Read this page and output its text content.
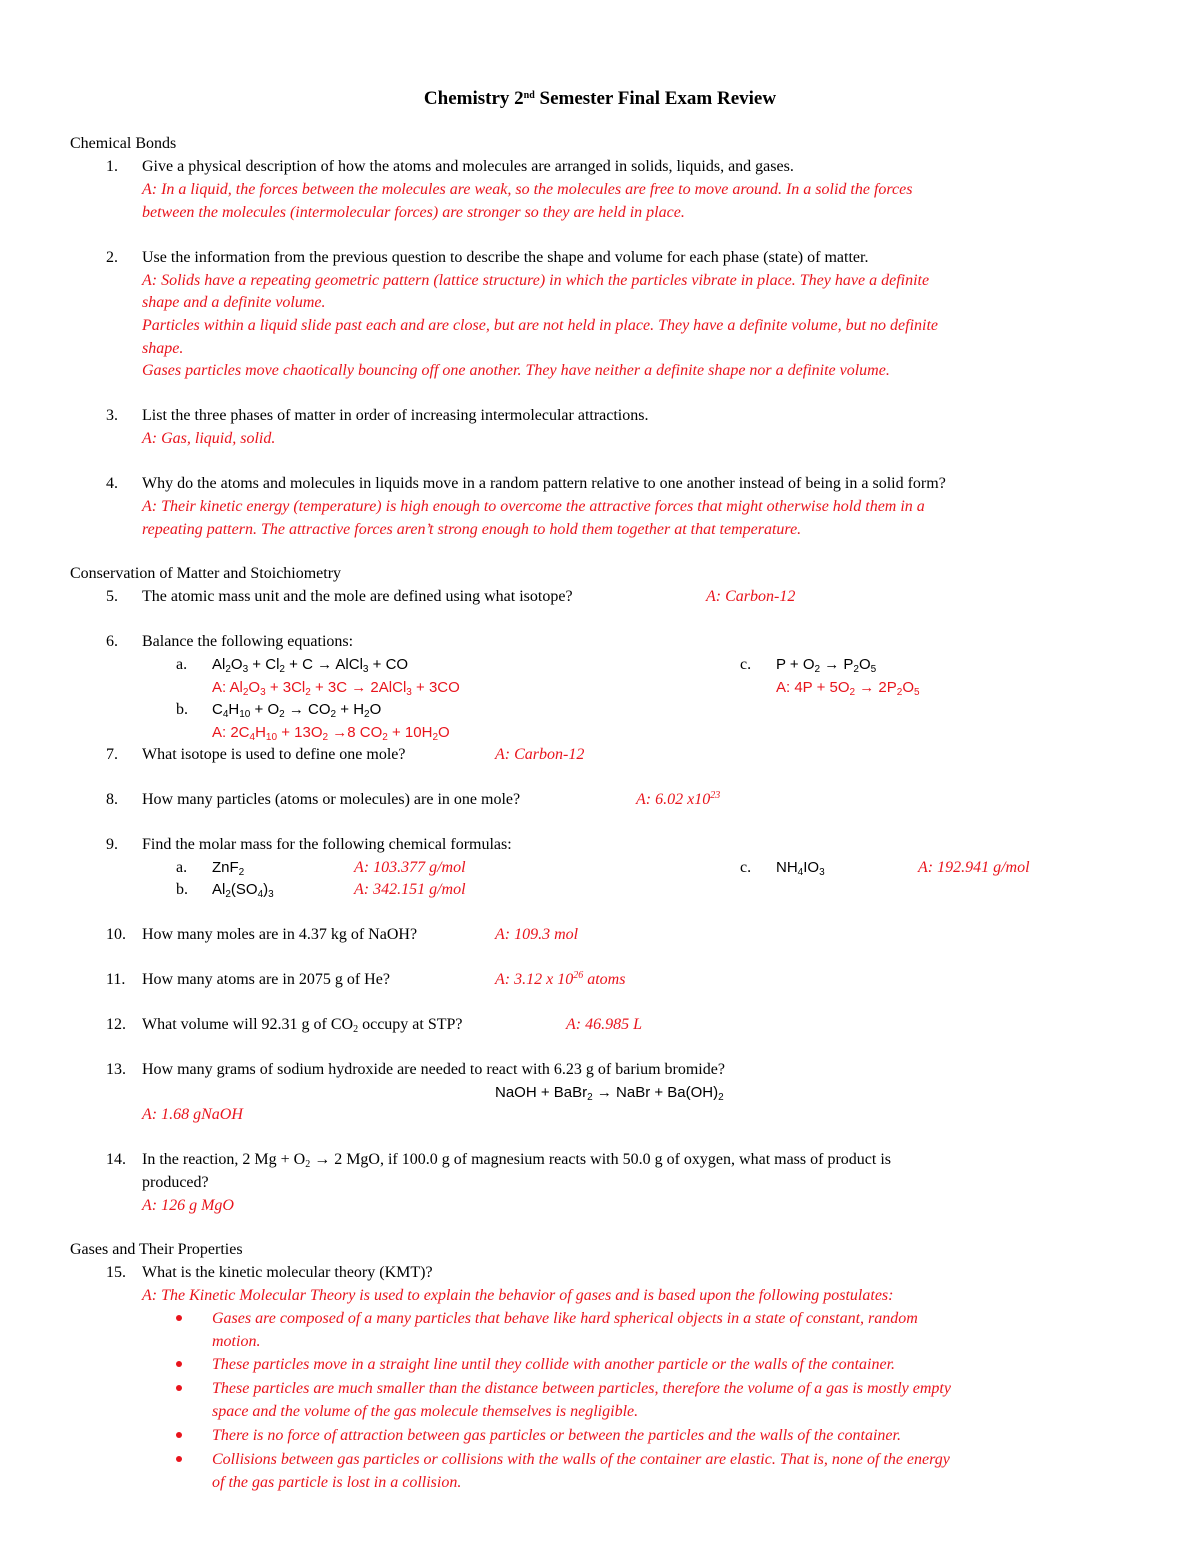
Chemistry 2nd Semester Final Exam Review
Chemical Bonds
1. Give a physical description of how the atoms and molecules are arranged in solids, liquids, and gases.
A: In a liquid, the forces between the molecules are weak, so the molecules are free to move around. In a solid the forces
between the molecules (intermolecular forces) are stronger so they are held in place.
2. Use the information from the previous question to describe the shape and volume for each phase (state) of matter.
A: Solids have a repeating geometric pattern (lattice structure) in which the particles vibrate in place. They have a definite
shape and a definite volume.
Particles within a liquid slide past each and are close, but are not held in place. They have a definite volume, but no definite
shape.
Gases particles move chaotically bouncing off one another. They have neither a definite shape nor a definite volume.
3. List the three phases of matter in order of increasing intermolecular attractions.
A: Gas, liquid, solid.
4. Why do the atoms and molecules in liquids move in a random pattern relative to one another instead of being in a solid form?
A: Their kinetic energy (temperature) is high enough to overcome the attractive forces that might otherwise hold them in a
repeating pattern. The attractive forces aren’t strong enough to hold them together at that temperature.
Conservation of Matter and Stoichiometry
5. The atomic mass unit and the mole are defined using what isotope?	A: Carbon-12
6. Balance the following equations:
a. $Al_2O_3 + Cl_2 + C$ → AlCl$_3$ + CO
A: $Al_2O_3 + 3Cl_2 + 3C$ → 2AlCl$_3$ + 3CO
c. $P + O_2 \to P_2O_5$
A: $4P + 5O_2 \to 2P_2O_5$
b. $C_4H_{10} + O_2 \to CO_2 + H_2O$
A: $2C_4H_{10} + 13O_2 \to 8$ $CO_2 + 10H_2O$
7. What isotope is used to define one mole?	A: Carbon-12
8. How many particles (atoms or molecules) are in one mole?	A: 6.02 $x10^{23}$
9. Find the molar mass for the following chemical formulas:
a. ZnF$_2$	A: 103.377 g/mol	c. $NH_4IO_3$	A: 192.941 g/mol
b. $Al_2(SO_4)_3$	A: 342.151 g/mol
10. How many moles are in 4.37 kg of NaOH?	A: 109.3 mol
11. How many atoms are in 2075 g of He?	A: 3.12 x $10^{26}$ atoms
12. What volume will 92.31 g of $CO_2$ occupy at STP?	A: 46.985 L
13. How many grams of sodium hydroxide are needed to react with 6.23 g of barium bromide?
NaOH + BaBr$_2$ → NaBr + $Ba(OH)_2$
A: 1.68 gNaOH
14. In the reaction, 2 $Mg + O_2 \to 2$ MgO, if 100.0 g of magnesium reacts with 50.0 g of oxygen, what mass of product is
produced?
A: 126 g MgO
Gases and Their Properties
15. What is the kinetic molecular theory (KMT)?
A: The Kinetic Molecular Theory is used to explain the behavior of gases and is based upon the following postulates:
Gases are composed of a many particles that behave like hard spherical objects in a state of constant, random
motion.
These particles move in a straight line until they collide with another particle or the walls of the container.
These particles are much smaller than the distance between particles, therefore the volume of a gas is mostly empty
space and the volume of the gas molecule themselves is negligible.
There is no force of attraction between gas particles or between the particles and the walls of the container.
Collisions between gas particles or collisions with the walls of the container are elastic. That is, none of the energy
of the gas particle is lost in a collision.
